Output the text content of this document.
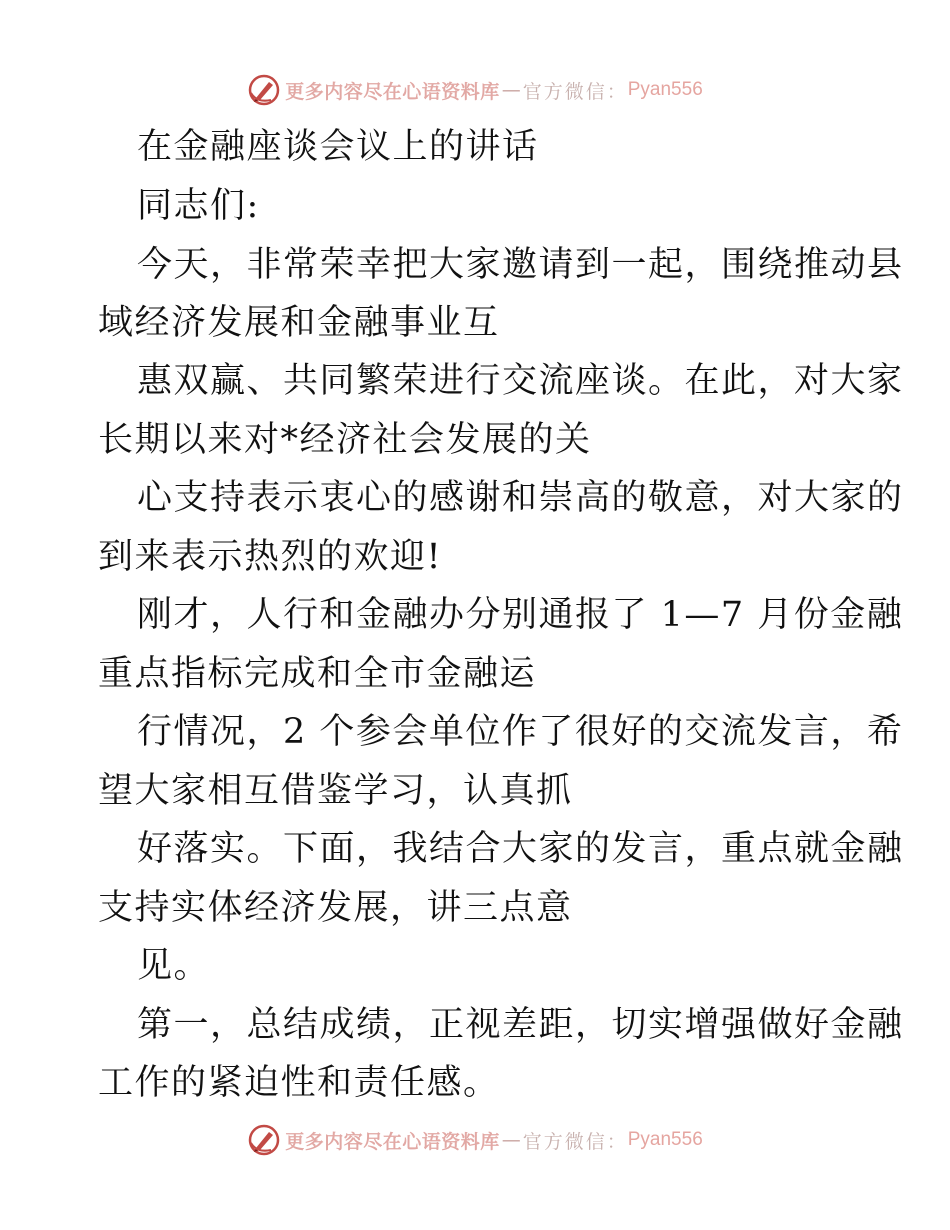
更多内容尽在心语资料库 — 官方微信： Pyan556
在金融座谈会议上的讲话
同志们:
今天，非常荣幸把大家邀请到一起，围绕推动县
域经济发展和金融事业互
惠双赢、共同繁荣进行交流座谈。在此，对大家
长期以来对*经济社会发展的关
心支持表示衷心的感谢和崇高的敬意，对大家的
到来表示热烈的欢迎!
刚才，人行和金融办分别通报了 1—7 月份金融
重点指标完成和全市金融运
行情况，2 个参会单位作了很好的交流发言，希
望大家相互借鉴学习，认真抓
好落实。下面，我结合大家的发言，重点就金融
支持实体经济发展，讲三点意
见。
第一，总结成绩，正视差距，切实增强做好金融
工作的紧迫性和责任感。
更多内容尽在心语资料库 — 官方微信： Pyan556
